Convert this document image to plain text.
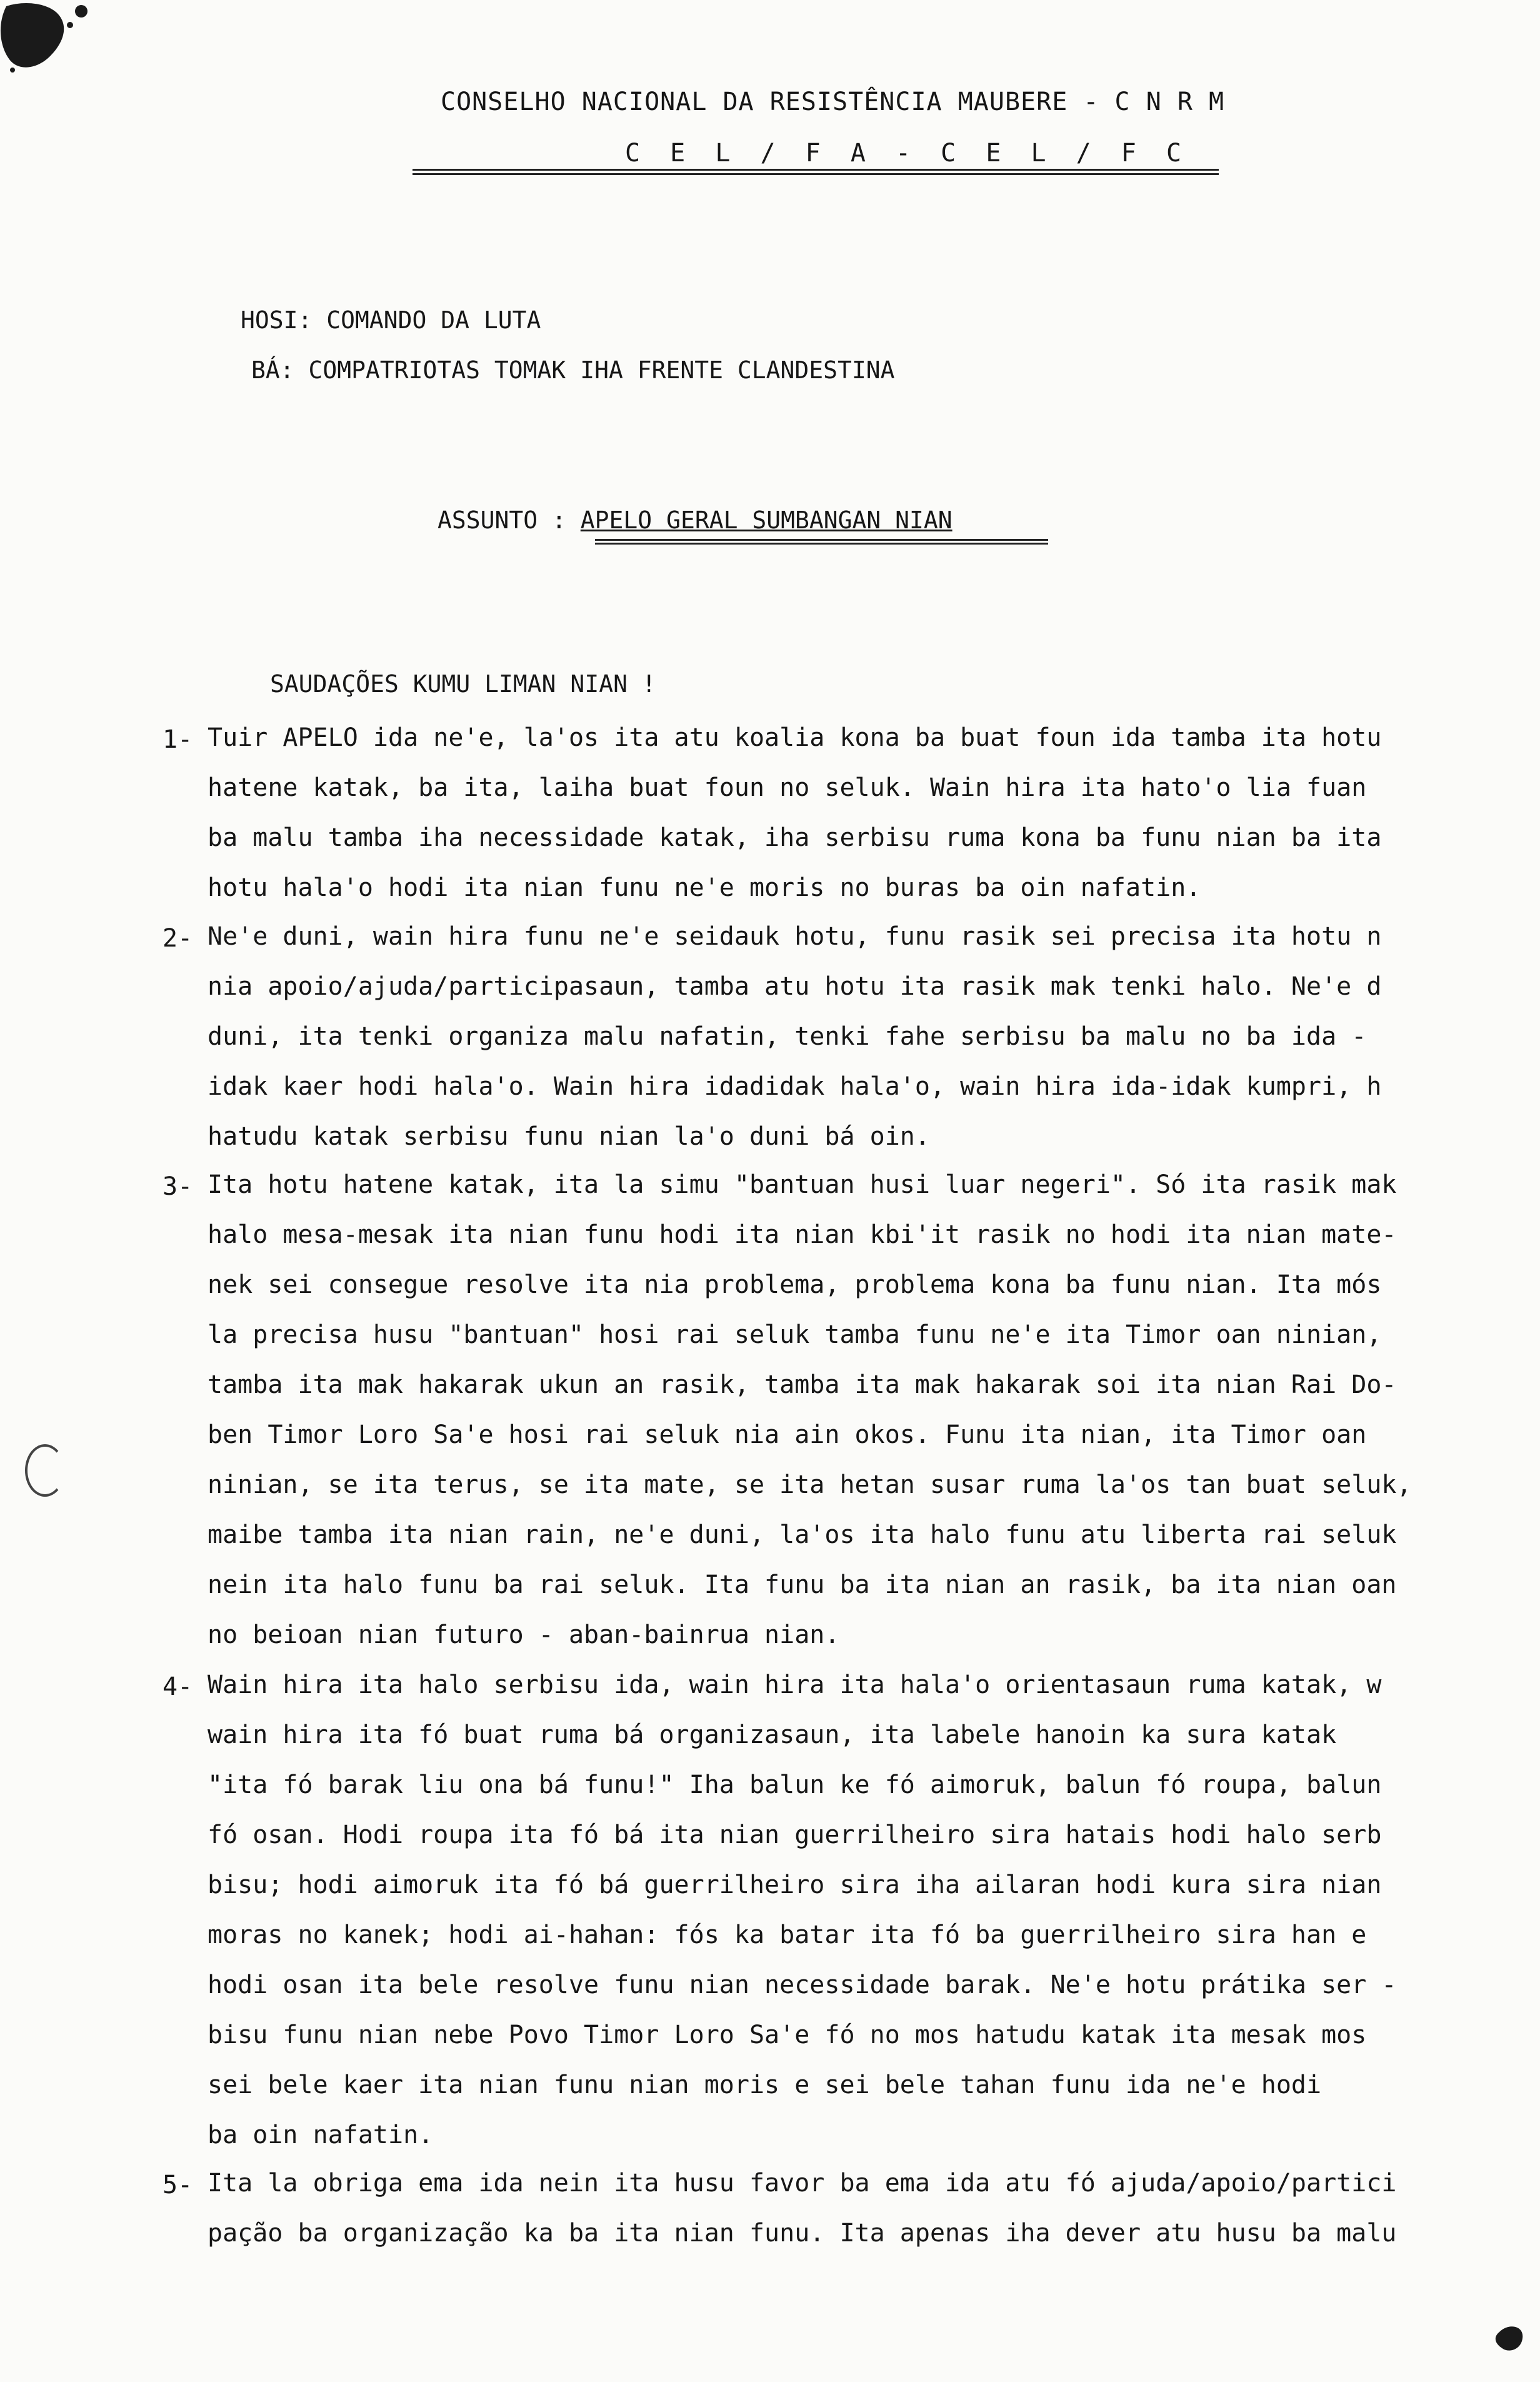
CONSELHO NACIONAL DA RESISTÊNCIA MAUBERE - C N R M
C E L / F A - C E L / F C
HOSI: COMANDO DA LUTA
BÁ: COMPATRIOTAS TOMAK IHA FRENTE CLANDESTINA
ASSUNTO : APELO GERAL SUMBANGAN NIAN
SAUDAÇÕES KUMU LIMAN NIAN !
1- Tuir APELO ida ne'e, la'os ita atu koalia kona ba buat foun ida tamba ita hotu
hatene katak, ba ita, laiha buat foun no seluk. Wain hira ita hato'o lia fuan
ba malu tamba iha necessidade katak, iha serbisu ruma kona ba funu nian ba ita
hotu hala'o hodi ita nian funu ne'e moris no buras ba oin nafatin.
2- Ne'e duni, wain hira funu ne'e seidauk hotu, funu rasik sei precisa ita hotu n
nia apoio/ajuda/participasaun, tamba atu hotu ita rasik mak tenki halo. Ne'e d
duni, ita tenki organiza malu nafatin, tenki fahe serbisu ba malu no ba ida -
idak kaer hodi hala'o. Wain hira idadidak hala'o, wain hira ida-idak kumpri, h
hatudu katak serbisu funu nian la'o duni bá oin.
3- Ita hotu hatene katak, ita la simu "bantuan husi luar negeri". Só ita rasik mak
halo mesa-mesak ita nian funu hodi ita nian kbi'it rasik no hodi ita nian mate-
nek sei consegue resolve ita nia problema, problema kona ba funu nian. Ita mós
la precisa husu "bantuan" hosi rai seluk tamba funu ne'e ita Timor oan ninian,
tamba ita mak hakarak ukun an rasik, tamba ita mak hakarak soi ita nian Rai Do-
ben Timor Loro Sa'e hosi rai seluk nia ain okos. Funu ita nian, ita Timor oan
ninian, se ita terus, se ita mate, se ita hetan susar ruma la'os tan buat seluk,
maibe tamba ita nian rain, ne'e duni, la'os ita halo funu atu liberta rai seluk
nein ita halo funu ba rai seluk. Ita funu ba ita nian an rasik, ba ita nian oan
no beioan nian futuro - aban-bainrua nian.
4- Wain hira ita halo serbisu ida, wain hira ita hala'o orientasaun ruma katak, w
wain hira ita fó buat ruma bá organizasaun, ita labele hanoin ka sura katak
"ita fó barak liu ona bá funu!" Iha balun ke fó aimoruk, balun fó roupa, balun
fó osan. Hodi roupa ita fó bá ita nian guerrilheiro sira hatais hodi halo serb
bisu; hodi aimoruk ita fó bá guerrilheiro sira iha ailaran hodi kura sira nian
moras no kanek; hodi ai-hahan: fós ka batar ita fó ba guerrilheiro sira han e
hodi osan ita bele resolve funu nian necessidade barak. Ne'e hotu prátika ser -
bisu funu nian nebe Povo Timor Loro Sa'e fó no mos hatudu katak ita mesak mos
sei bele kaer ita nian funu nian moris e sei bele tahan funu ida ne'e hodi
ba oin nafatin.
5- Ita la obriga ema ida nein ita husu favor ba ema ida atu fó ajuda/apoio/partici
pação ba organização ka ba ita nian funu. Ita apenas iha dever atu husu ba malu
